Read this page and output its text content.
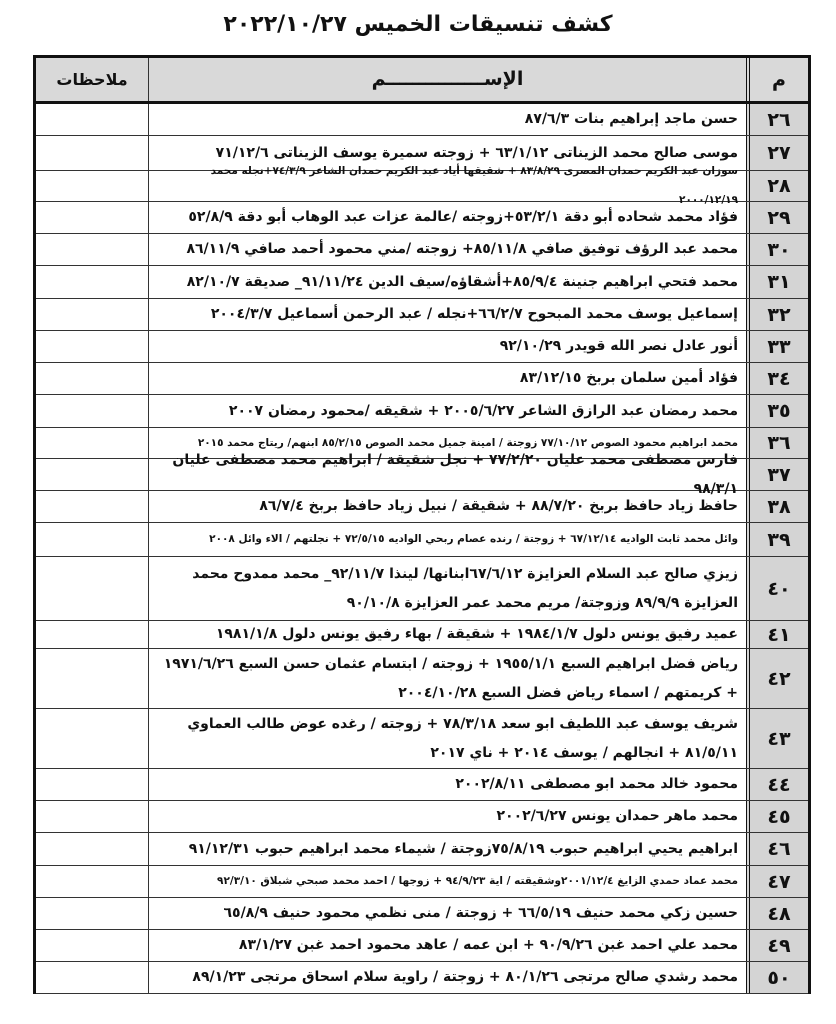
كشف تنسيقات الخميس ٢٠٢٢/١٠/٢٧
م
الإســـــــــــــــم
ملاحظات
٢٦
حسن ماجد إبراهيم بنات ٨٧/٦/٣
٢٧
موسى صالح محمد الزيناتى ٦٣/١/١٢ + زوجته سميرة يوسف الزيناتى ٧١/١٢/٦
٢٨
سوزان عبد الكريم حمدان المصرى ٨٣/٨/٢٩ + شقيقها أياد عبد الكريم حمدان الشاعر ٧٤/٣/٩+نجله محمد ٢٠٠٠/١٢/١٩
٢٩
فؤاد محمد شحاده أبو دقة ٥٣/٢/١+زوجته /عالمة عزات عبد الوهاب أبو دقة ٥٢/٨/٩
٣٠
محمد عبد الرؤف توفيق صافي ٨٥/١١/٨+ زوجته /مني محمود أحمد صافي ٨٦/١١/٩
٣١
محمد فتحي ابراهيم جنينة ٨٥/٩/٤+أشقاؤه/سيف الدين ٩١/١١/٢٤_ صديقة ٨٢/١٠/٧
٣٢
إسماعيل يوسف محمد المبحوح ٦٦/٢/٧+نجله / عبد الرحمن أسماعيل ٢٠٠٤/٣/٧
٣٣
أنور عادل نصر الله قويدر ٩٢/١٠/٢٩
٣٤
فؤاد أمين سلمان بربخ ٨٣/١٢/١٥
٣٥
محمد رمضان عبد الرازق الشاعر ٢٠٠٥/٦/٢٧ + شقيقه /محمود رمضان ٢٠٠٧
٣٦
محمد ابراهيم محمود الصوص ٧٧/١٠/١٢ زوجتة / امينة جميل محمد الصوص ٨٥/٢/١٥ ابنهم/ ريتاج محمد ٢٠١٥
٣٧
فارس مصطفى محمد عليان ٧٧/٢/٢٠ + نجل شقيقة / ابراهيم محمد مصطفى عليان ٩٨/٣/١
٣٨
حافظ زياد حافظ بربخ ٨٨/٧/٢٠ + شقيقة / نبيل زياد حافظ بربخ ٨٦/٧/٤
٣٩
وائل محمد ثابت الواديه ٦٧/١٢/١٤ + زوجتة / رنده عصام ربحي الواديه ٧٢/٥/١٥ + نجلتهم / الاء وائل ٢٠٠٨
٤٠
زيزي صالح عبد السلام العزايزة ٦٧/٦/١٢ابنانها/ لينذا ٩٢/١١/٧_ محمد ممدوح محمد العزايزة ٨٩/٩/٩ وزوجتة/ مريم محمد عمر العزايزة ٩٠/١٠/٨
٤١
عميد رفيق يونس دلول ١٩٨٤/١/٧ + شقيقة / بهاء رفيق يونس دلول ١٩٨١/١/٨
٤٢
رياض فضل ابراهيم السبع ١٩٥٥/١/١ + زوجته / ابتسام عثمان حسن السبع ١٩٧١/٦/٢٦ + كريمتهم / اسماء رياض فضل السبع ٢٠٠٤/١٠/٢٨
٤٣
شريف يوسف عبد اللطيف ابو سعد ٧٨/٣/١٨ + زوجته / رغده عوض طالب العماوي ٨١/٥/١١ + انجالهم / يوسف ٢٠١٤ + ناي ٢٠١٧
٤٤
محمود خالد محمد ابو مصطفى ٢٠٠٢/٨/١١
٤٥
محمد ماهر حمدان يونس ٢٠٠٢/٦/٢٧
٤٦
ابراهيم يحيي ابراهيم حبوب ٧٥/٨/١٩زوجتة / شيماء محمد ابراهيم حبوب ٩١/١٢/٣١
٤٧
محمد عماد حمدي الزايغ ٢٠٠١/١٢/٤وشقيقته / اية ٩٤/٩/٢٣ + زوجها / احمد محمد صبحي شبلاق ٩٢/٣/١٠
٤٨
حسين زكي محمد حنيف ٦٦/٥/١٩ + زوجتة / منى نظمي محمود حنيف ٦٥/٨/٩
٤٩
محمد علي احمد غبن ٩٠/٩/٢٦ + ابن عمه / عاهد محمود احمد غبن ٨٣/١/٢٧
٥٠
محمد رشدي صالح مرتجى ٨٠/١/٢٦ + زوجتة / راوية سلام اسحاق مرتجى ٨٩/١/٢٣
